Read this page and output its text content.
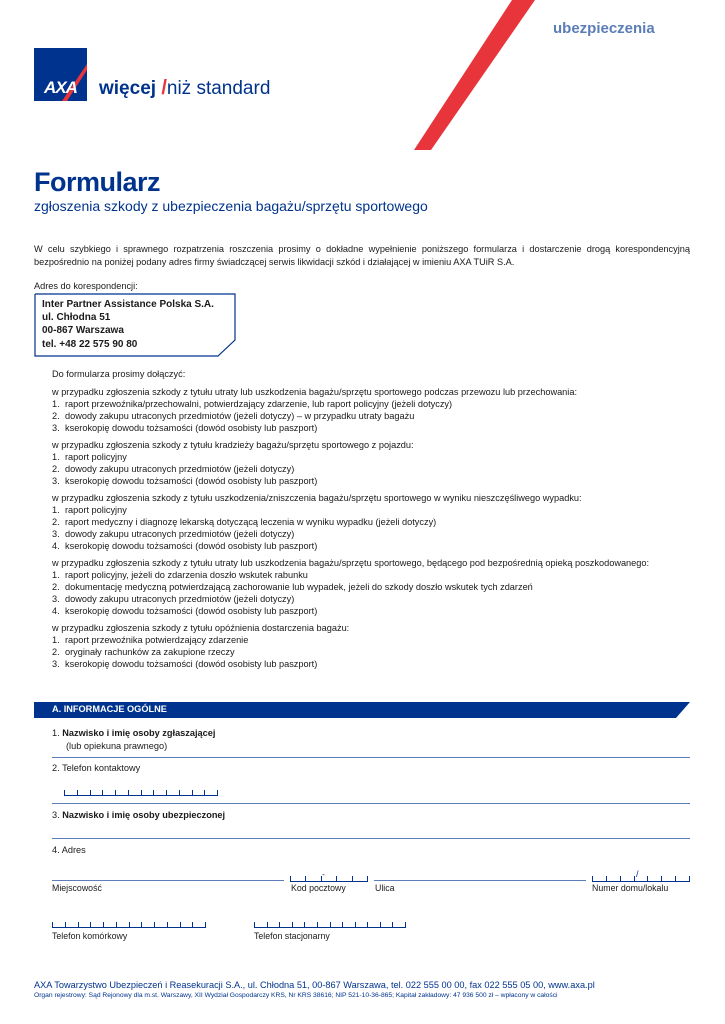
ubezpieczenia
AXA	więcej /niż standard
Formularz
zgłoszenia szkody z ubezpieczenia bagażu/sprzętu sportowego
W celu szybkiego i sprawnego rozpatrzenia roszczenia prosimy o dokładne wypełnienie poniższego formularza i dostarczenie drogą korespondencyjną bezpośrednio na poniżej podany adres firmy świadczącej serwis likwidacji szkód i działającej w imieniu AXA TUiR S.A.
Adres do korespondencji:
Inter Partner Assistance Polska S.A.
ul. Chłodna 51
00-867 Warszawa
tel. +48 22 575 90 80
Do formularza prosimy dołączyć:
w przypadku zgłoszenia szkody z tytułu utraty lub uszkodzenia bagażu/sprzętu sportowego podczas przewozu lub przechowania:
1. raport przewoźnika/przechowalni, potwierdzający zdarzenie, lub raport policyjny (jeżeli dotyczy)
2. dowody zakupu utraconych przedmiotów (jeżeli dotyczy) – w przypadku utraty bagażu
3. kserokopię dowodu tożsamości (dowód osobisty lub paszport)
w przypadku zgłoszenia szkody z tytułu kradzieży bagażu/sprzętu sportowego z pojazdu:
1. raport policyjny
2. dowody zakupu utraconych przedmiotów (jeżeli dotyczy)
3. kserokopię dowodu tożsamości (dowód osobisty lub paszport)
w przypadku zgłoszenia szkody z tytułu uszkodzenia/zniszczenia bagażu/sprzętu sportowego w wyniku nieszczęśliwego wypadku:
1. raport policyjny
2. raport medyczny i diagnozę lekarską dotyczącą leczenia w wyniku wypadku (jeżeli dotyczy)
3. dowody zakupu utraconych przedmiotów (jeżeli dotyczy)
4. kserokopię dowodu tożsamości (dowód osobisty lub paszport)
w przypadku zgłoszenia szkody z tytułu utraty lub uszkodzenia bagażu/sprzętu sportowego, będącego pod bezpośrednią opieką poszkodowanego:
1. raport policyjny, jeżeli do zdarzenia doszło wskutek rabunku
2. dokumentację medyczną potwierdzającą zachorowanie lub wypadek, jeżeli do szkody doszło wskutek tych zdarzeń
3. dowody zakupu utraconych przedmiotów (jeżeli dotyczy)
4. kserokopię dowodu tożsamości (dowód osobisty lub paszport)
w przypadku zgłoszenia szkody z tytułu opóźnienia dostarczenia bagażu:
1. raport przewoźnika potwierdzający zdarzenie
2. oryginały rachunków za zakupione rzeczy
3. kserokopię dowodu tożsamości (dowód osobisty lub paszport)
A. INFORMACJE OGÓLNE
1. Nazwisko i imię osoby zgłaszającej
(lub opiekuna prawnego)
2. Telefon kontaktowy
3. Nazwisko i imię osoby ubezpieczonej
4. Adres
Miejscowość
-
Kod pocztowy	Ulica
/
Numer domu/lokalu
Telefon komórkowy	Telefon stacjonarny
AXA Towarzystwo Ubezpieczeń i Reasekuracji S.A., ul. Chłodna 51, 00-867 Warszawa, tel. 022 555 00 00, fax 022 555 05 00, www.axa.pl
Organ rejestrowy: Sąd Rejonowy dla m.st. Warszawy, XII Wydział Gospodarczy KRS, Nr KRS 38616; NIP 521-10-36-865; Kapitał zakładowy: 47 936 500 zł – wpłacony w całości
